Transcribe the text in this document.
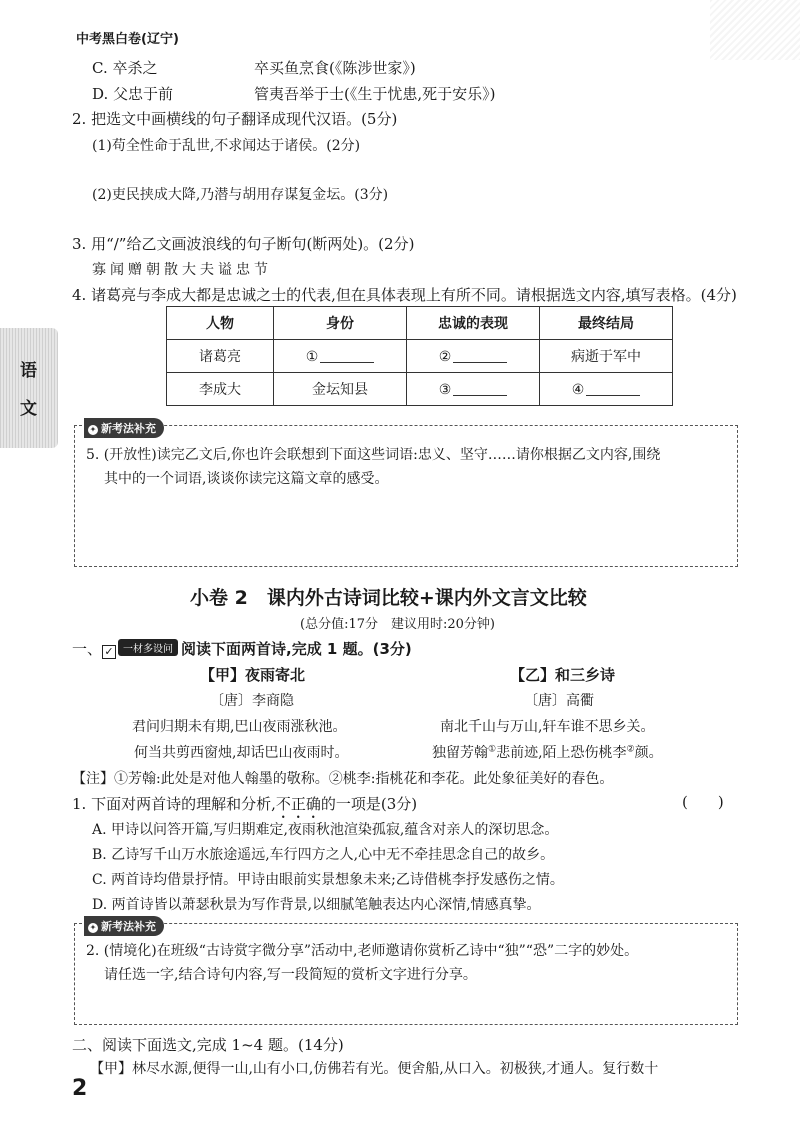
中考黑白卷(辽宁)
语
文
C. 卒杀之	卒买鱼烹食(《陈涉世家》)
D. 父忠于前	管夷吾举于士(《生于忧患,死于安乐》)
2. 把选文中画横线的句子翻译成现代汉语。(5分)
(1)苟全性命于乱世,不求闻达于诸侯。(2分)
(2)吏民挟成大降,乃潜与胡用存谋复金坛。(3分)
3. 用“/”给乙文画波浪线的句子断句(断两处)。(2分)
寡闻赠朝散大夫谥忠节
4. 诸葛亮与李成大都是忠诚之士的代表,但在具体表现上有所不同。请根据选文内容,填写表格。(4分)
人物	身份	忠诚的表现	最终结局
诸葛亮	①	②	病逝于军中
李成大	金坛知县	③	④
✦ 新考法补充
5. (开放性)读完乙文后,你也许会联想到下面这些词语:忠义、坚守……请你根据乙文内容,围绕
其中的一个词语,谈谈你读完这篇文章的感受。
小卷 2　课内外古诗词比较+课内外文言文比较
(总分值:17分　建议用时:20分钟)
一、 ✓ 一材多设问 阅读下面两首诗,完成 1 题。(3分)
【甲】夜雨寄北
〔唐〕李商隐
君问归期未有期,巴山夜雨涨秋池。
何当共剪西窗烛,却话巴山夜雨时。
【乙】和三乡诗
〔唐〕高衢
南北千山与万山,轩车谁不思乡关。
独留芳翰①悲前迹,陌上恐伤桃李②颜。
【注】①芳翰:此处是对他人翰墨的敬称。②桃李:指桃花和李花。此处象征美好的春色。
1. 下面对两首诗的理解和分析,不正确的一项是(3分)	(　　)
A. 甲诗以问答开篇,写归期难定,夜雨秋池渲染孤寂,蕴含对亲人的深切思念。
B. 乙诗写千山万水旅途遥远,车行四方之人,心中无不牵挂思念自己的故乡。
C. 两首诗均借景抒情。甲诗由眼前实景想象未来;乙诗借桃李抒发感伤之情。
D. 两首诗皆以萧瑟秋景为写作背景,以细腻笔触表达内心深情,情感真挚。
✦ 新考法补充
2. (情境化)在班级“古诗赏字微分享”活动中,老师邀请你赏析乙诗中“独”“恐”二字的妙处。
请任选一字,结合诗句内容,写一段简短的赏析文字进行分享。
二、阅读下面选文,完成 1~4 题。(14分)
【甲】林尽水源,便得一山,山有小口,仿佛若有光。便舍船,从口入。初极狭,才通人。复行数十
2
